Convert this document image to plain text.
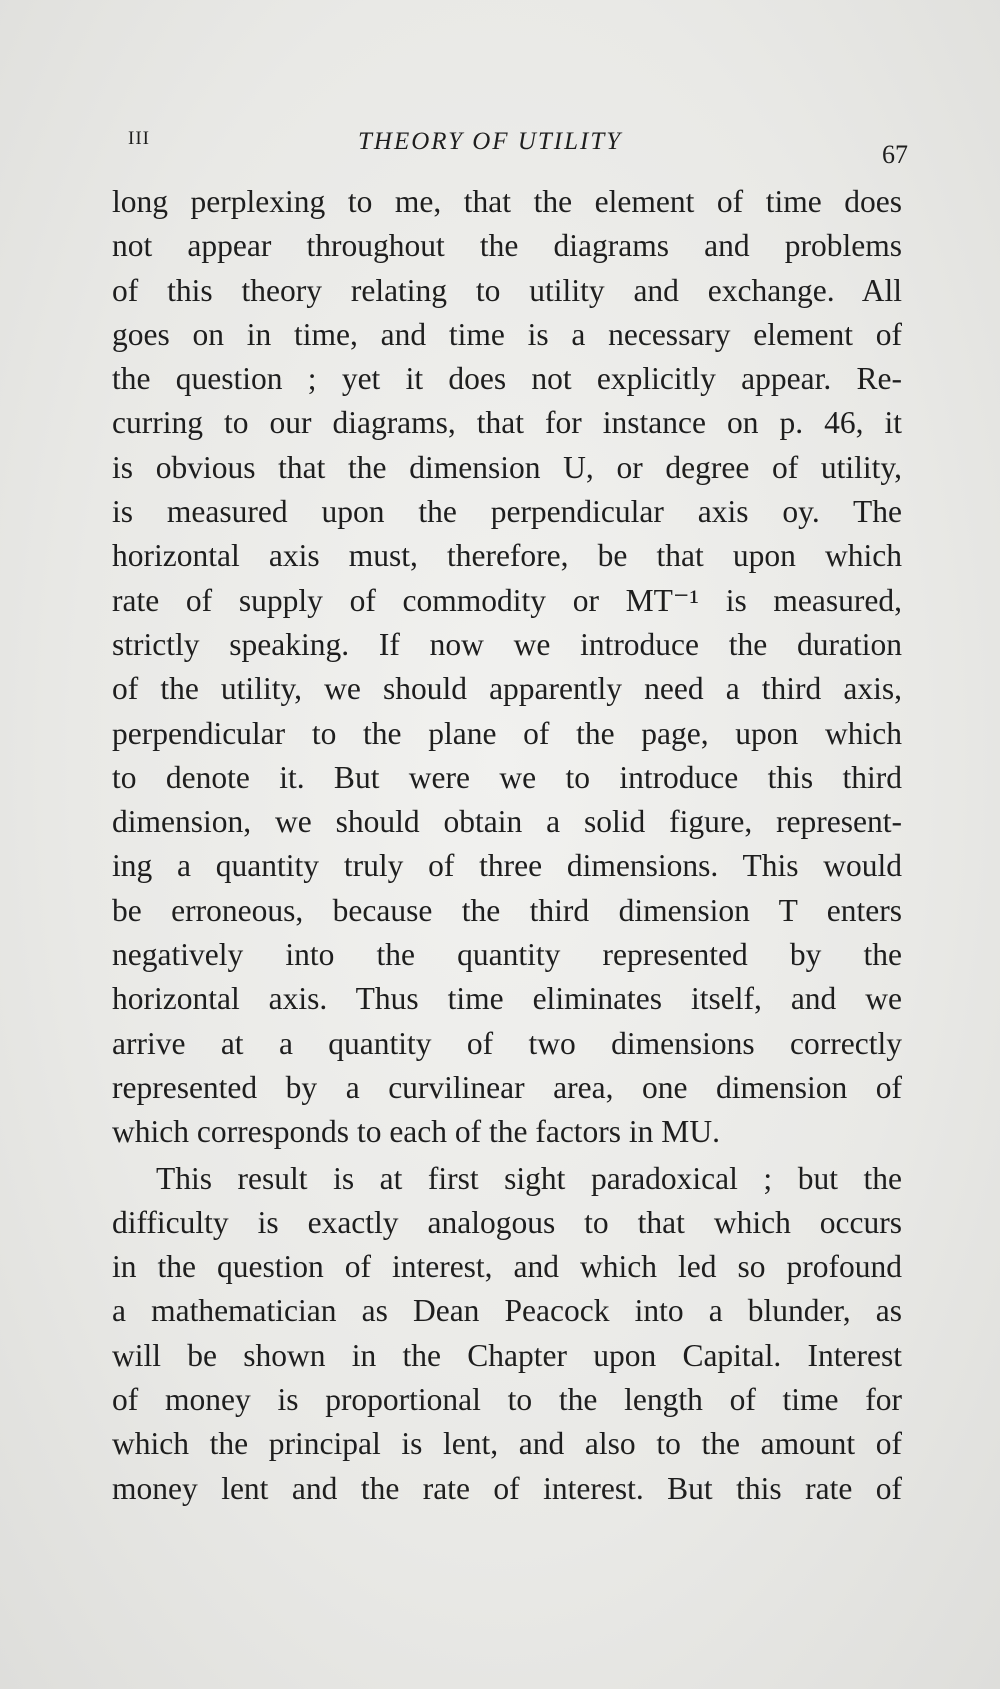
III	THEORY OF UTILITY	67
long perplexing to me, that the element of time does
not appear throughout the diagrams and problems
of this theory relating to utility and exchange. All
goes on in time, and time is a necessary element of
the question ; yet it does not explicitly appear. Re-
curring to our diagrams, that for instance on p. 46, it
is obvious that the dimension U, or degree of utility,
is measured upon the perpendicular axis oy. The
horizontal axis must, therefore, be that upon which
rate of supply of commodity or MT⁻¹ is measured,
strictly speaking. If now we introduce the duration
of the utility, we should apparently need a third axis,
perpendicular to the plane of the page, upon which
to denote it. But were we to introduce this third
dimension, we should obtain a solid figure, represent-
ing a quantity truly of three dimensions. This would
be erroneous, because the third dimension T enters
negatively into the quantity represented by the
horizontal axis. Thus time eliminates itself, and we
arrive at a quantity of two dimensions correctly
represented by a curvilinear area, one dimension of
which corresponds to each of the factors in MU.
This result is at first sight paradoxical ; but the
difficulty is exactly analogous to that which occurs
in the question of interest, and which led so profound
a mathematician as Dean Peacock into a blunder, as
will be shown in the Chapter upon Capital. Interest
of money is proportional to the length of time for
which the principal is lent, and also to the amount of
money lent and the rate of interest. But this rate of
